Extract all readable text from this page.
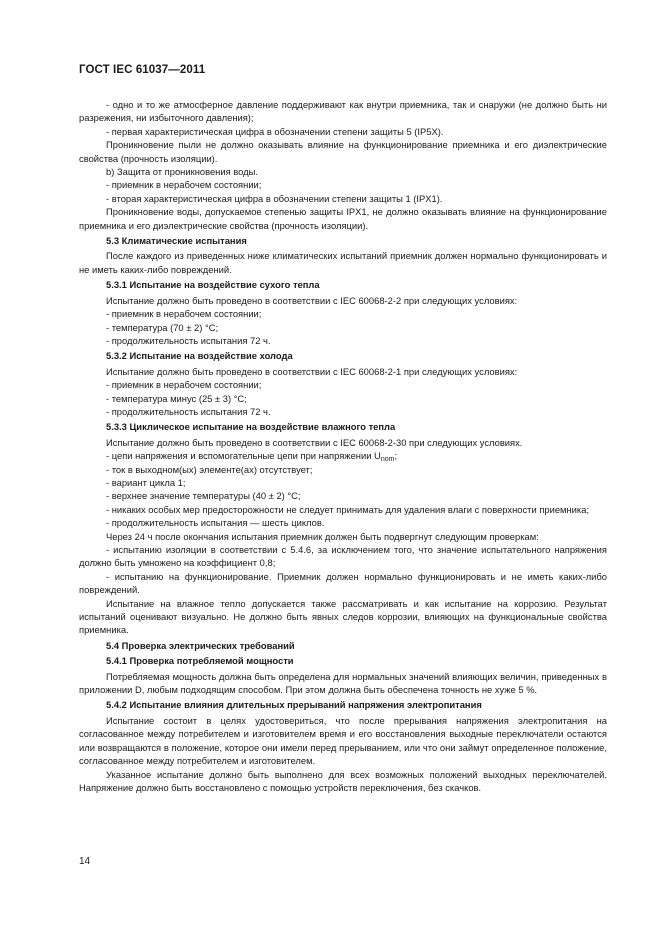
ГОСТ IEC 61037—2011
- одно и то же атмосферное давление поддерживают как внутри приемника, так и снаружи (не должно быть ни разрежения, ни избыточного давления);
- первая характеристическая цифра в обозначении степени защиты 5 (IP5X).
Проникновение пыли не должно оказывать влияние на функционирование приемника и его диэлектрические свойства (прочность изоляции).
b) Защита от проникновения воды.
- приемник в нерабочем состоянии;
- вторая характеристическая цифра в обозначении степени защиты 1 (IPX1).
Проникновение воды, допускаемое степенью защиты IPX1, не должно оказывать влияние на функционирование приемника и его диэлектрические свойства (прочность изоляции).
5.3 Климатические испытания
После каждого из приведенных ниже климатических испытаний приемник должен нормально функционировать и не иметь каких-либо повреждений.
5.3.1 Испытание на воздействие сухого тепла
Испытание должно быть проведено в соответствии с IEC 60068-2-2 при следующих условиях:
- приемник в нерабочем состоянии;
- температура (70 ± 2) °C;
- продолжительность испытания 72 ч.
5.3.2 Испытание на воздействие холода
Испытание должно быть проведено в соответствии с IEC 60068-2-1 при следующих условиях:
- приемник в нерабочем состоянии;
- температура минус (25 ± 3) °C;
- продолжительность испытания 72 ч.
5.3.3 Циклическое испытание на воздействие влажного тепла
Испытание должно быть проведено в соответствии с IEC 60068-2-30 при следующих условиях.
- цепи напряжения и вспомогательные цепи при напряжении $U_{nom}$;
- ток в выходном(ых) элементе(ах) отсутствует;
- вариант цикла 1;
- верхнее значение температуры (40 ± 2) °C;
- никаких особых мер предосторожности не следует принимать для удаления влаги с поверхности приемника;
- продолжительность испытания — шесть циклов.
Через 24 ч после окончания испытания приемник должен быть подвергнут следующим проверкам:
- испытанию изоляции в соответствии с 5.4.6, за исключением того, что значение испытательного напряжения должно быть умножено на коэффициент 0,8;
- испытанию на функционирование. Приемник должен нормально функционировать и не иметь каких-либо повреждений.
Испытание на влажное тепло допускается также рассматривать и как испытание на коррозию. Результат испытаний оценивают визуально. Не должно быть явных следов коррозии, влияющих на функциональные свойства приемника.
5.4 Проверка электрических требований
5.4.1 Проверка потребляемой мощности
Потребляемая мощность должна быть определена для нормальных значений влияющих величин, приведенных в приложении D, любым подходящим способом. При этом должна быть обеспечена точность не хуже 5 %.
5.4.2 Испытание влияния длительных прерываний напряжения электропитания
Испытание состоит в целях удостовериться, что после прерывания напряжения электропитания на согласованное между потребителем и изготовителем время и его восстановления выходные переключатели остаются или возвращаются в положение, которое они имели перед прерыванием, или что они займут определенное положение, согласованное между потребителем и изготовителем.
Указанное испытание должно быть выполнено для всех возможных положений выходных переключателей. Напряжение должно быть восстановлено с помощью устройств переключения, без скачков.
14
